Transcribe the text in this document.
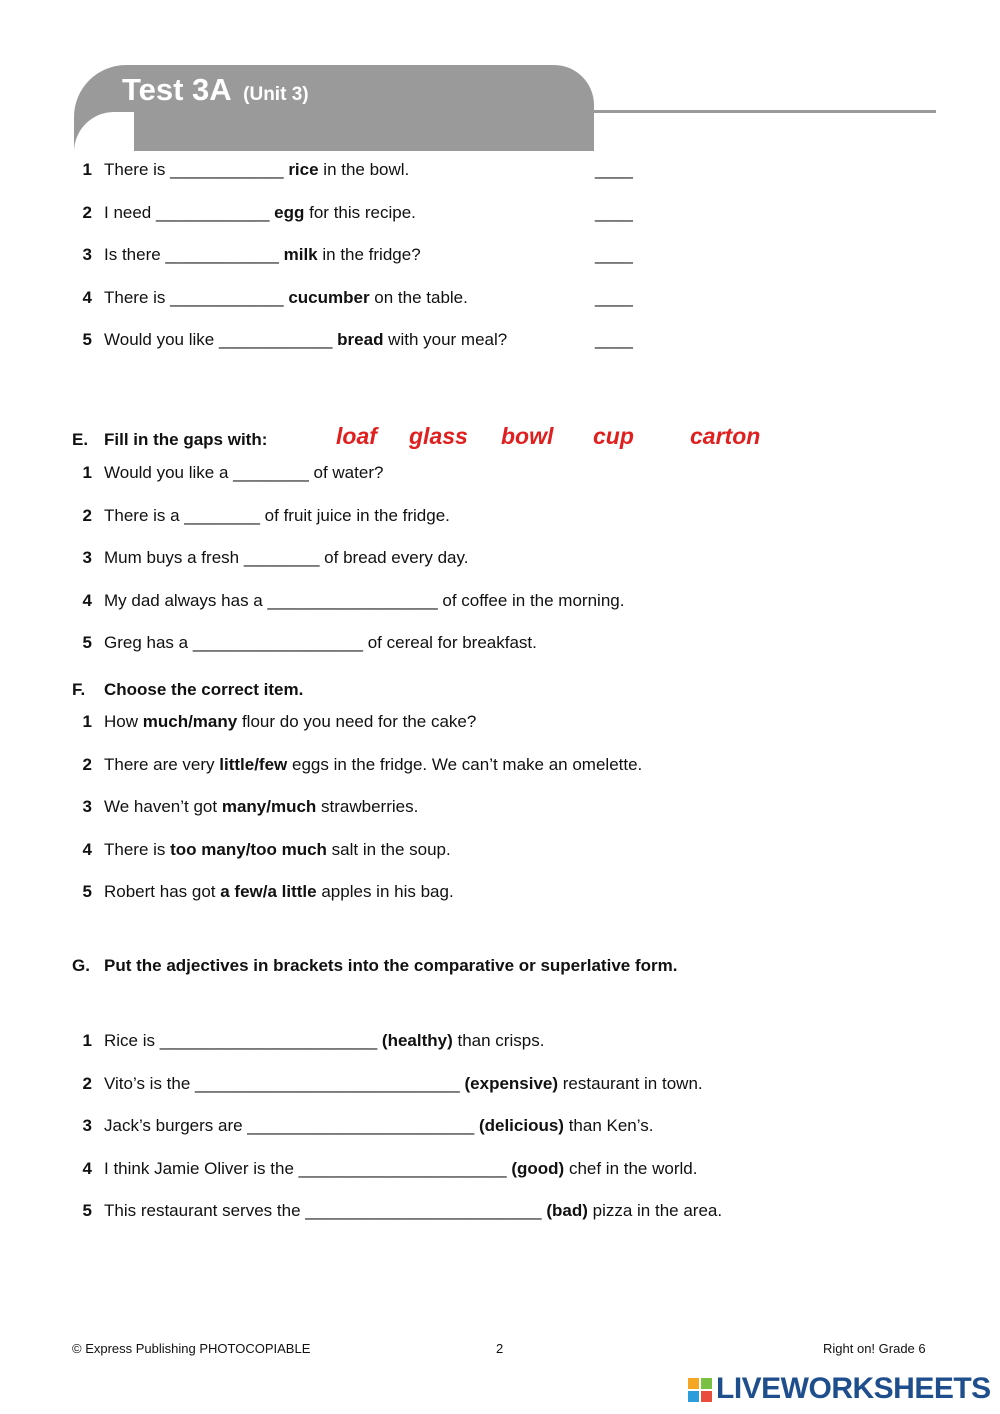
Test 3A (Unit 3)
1 There is ____________ rice in the bowl.	____
2 I need ____________ egg for this recipe.	____
3 Is there ____________ milk in the fridge?	____
4 There is ____________ cucumber on the table.	____
5 Would you like ____________ bread with your meal?	____
E. Fill in the gaps with:	loaf glass bowl cup carton
1 Would you like a ________ of water?
2 There is a ________ of fruit juice in the fridge.
3 Mum buys a fresh ________ of bread every day.
4 My dad always has a __________________ of coffee in the morning.
5 Greg has a __________________ of cereal for breakfast.
F. Choose the correct item.
1 How much/many flour do you need for the cake?
2 There are very little/few eggs in the fridge. We can’t make an omelette.
3 We haven’t got many/much strawberries.
4 There is too many/too much salt in the soup.
5 Robert has got a few/a little apples in his bag.
G. Put the adjectives in brackets into the comparative or superlative form.
1 Rice is _______________________ (healthy) than crisps.
2 Vito’s is the ____________________________ (expensive) restaurant in town.
3 Jack’s burgers are ________________________ (delicious) than Ken’s.
4 I think Jamie Oliver is the ______________________ (good) chef in the world.
5 This restaurant serves the _________________________ (bad) pizza in the area.
© Express Publishing PHOTOCOPIABLE	2	Right on! Grade 6
LIVEWORKSHEETS
